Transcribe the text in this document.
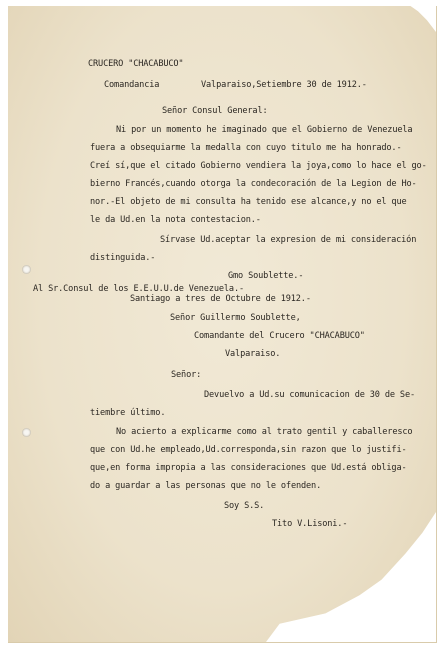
CRUCERO "CHACABUCO"
Comandancia	Valparaiso,Setiembre 30 de 1912.-
Señor Consul General:
Ni por un momento he imaginado que el Gobierno de Venezuela
fuera a obsequiarme la medalla con cuyo titulo me ha honrado.-
Creí sí,que el citado Gobierno vendiera la joya,como lo hace el go-
bierno Francés,cuando otorga la condecoración de la Legion de Ho-
nor.-El objeto de mi consulta ha tenido ese alcance,y no el que
le da Ud.en la nota contestacion.-
Sírvase Ud.aceptar la expresion de mi consideración
distinguida.-
Gmo Soublette.-
Al Sr.Consul de los E.E.U.U.de Venezuela.-
Santiago a tres de Octubre de 1912.-
Señor Guillermo Soublette,
Comandante del Crucero "CHACABUCO"
Valparaiso.
Señor:
Devuelvo a Ud.su comunicacion de 30 de Se-
tiembre último.
No acierto a explicarme como al trato gentil y caballeresco
que con Ud.he empleado,Ud.corresponda,sin razon que lo justifi-
que,en forma impropia a las consideraciones que Ud.está obliga-
do a guardar a las personas que no le ofenden.
Soy S.S.
Tito V.Lisoni.-
